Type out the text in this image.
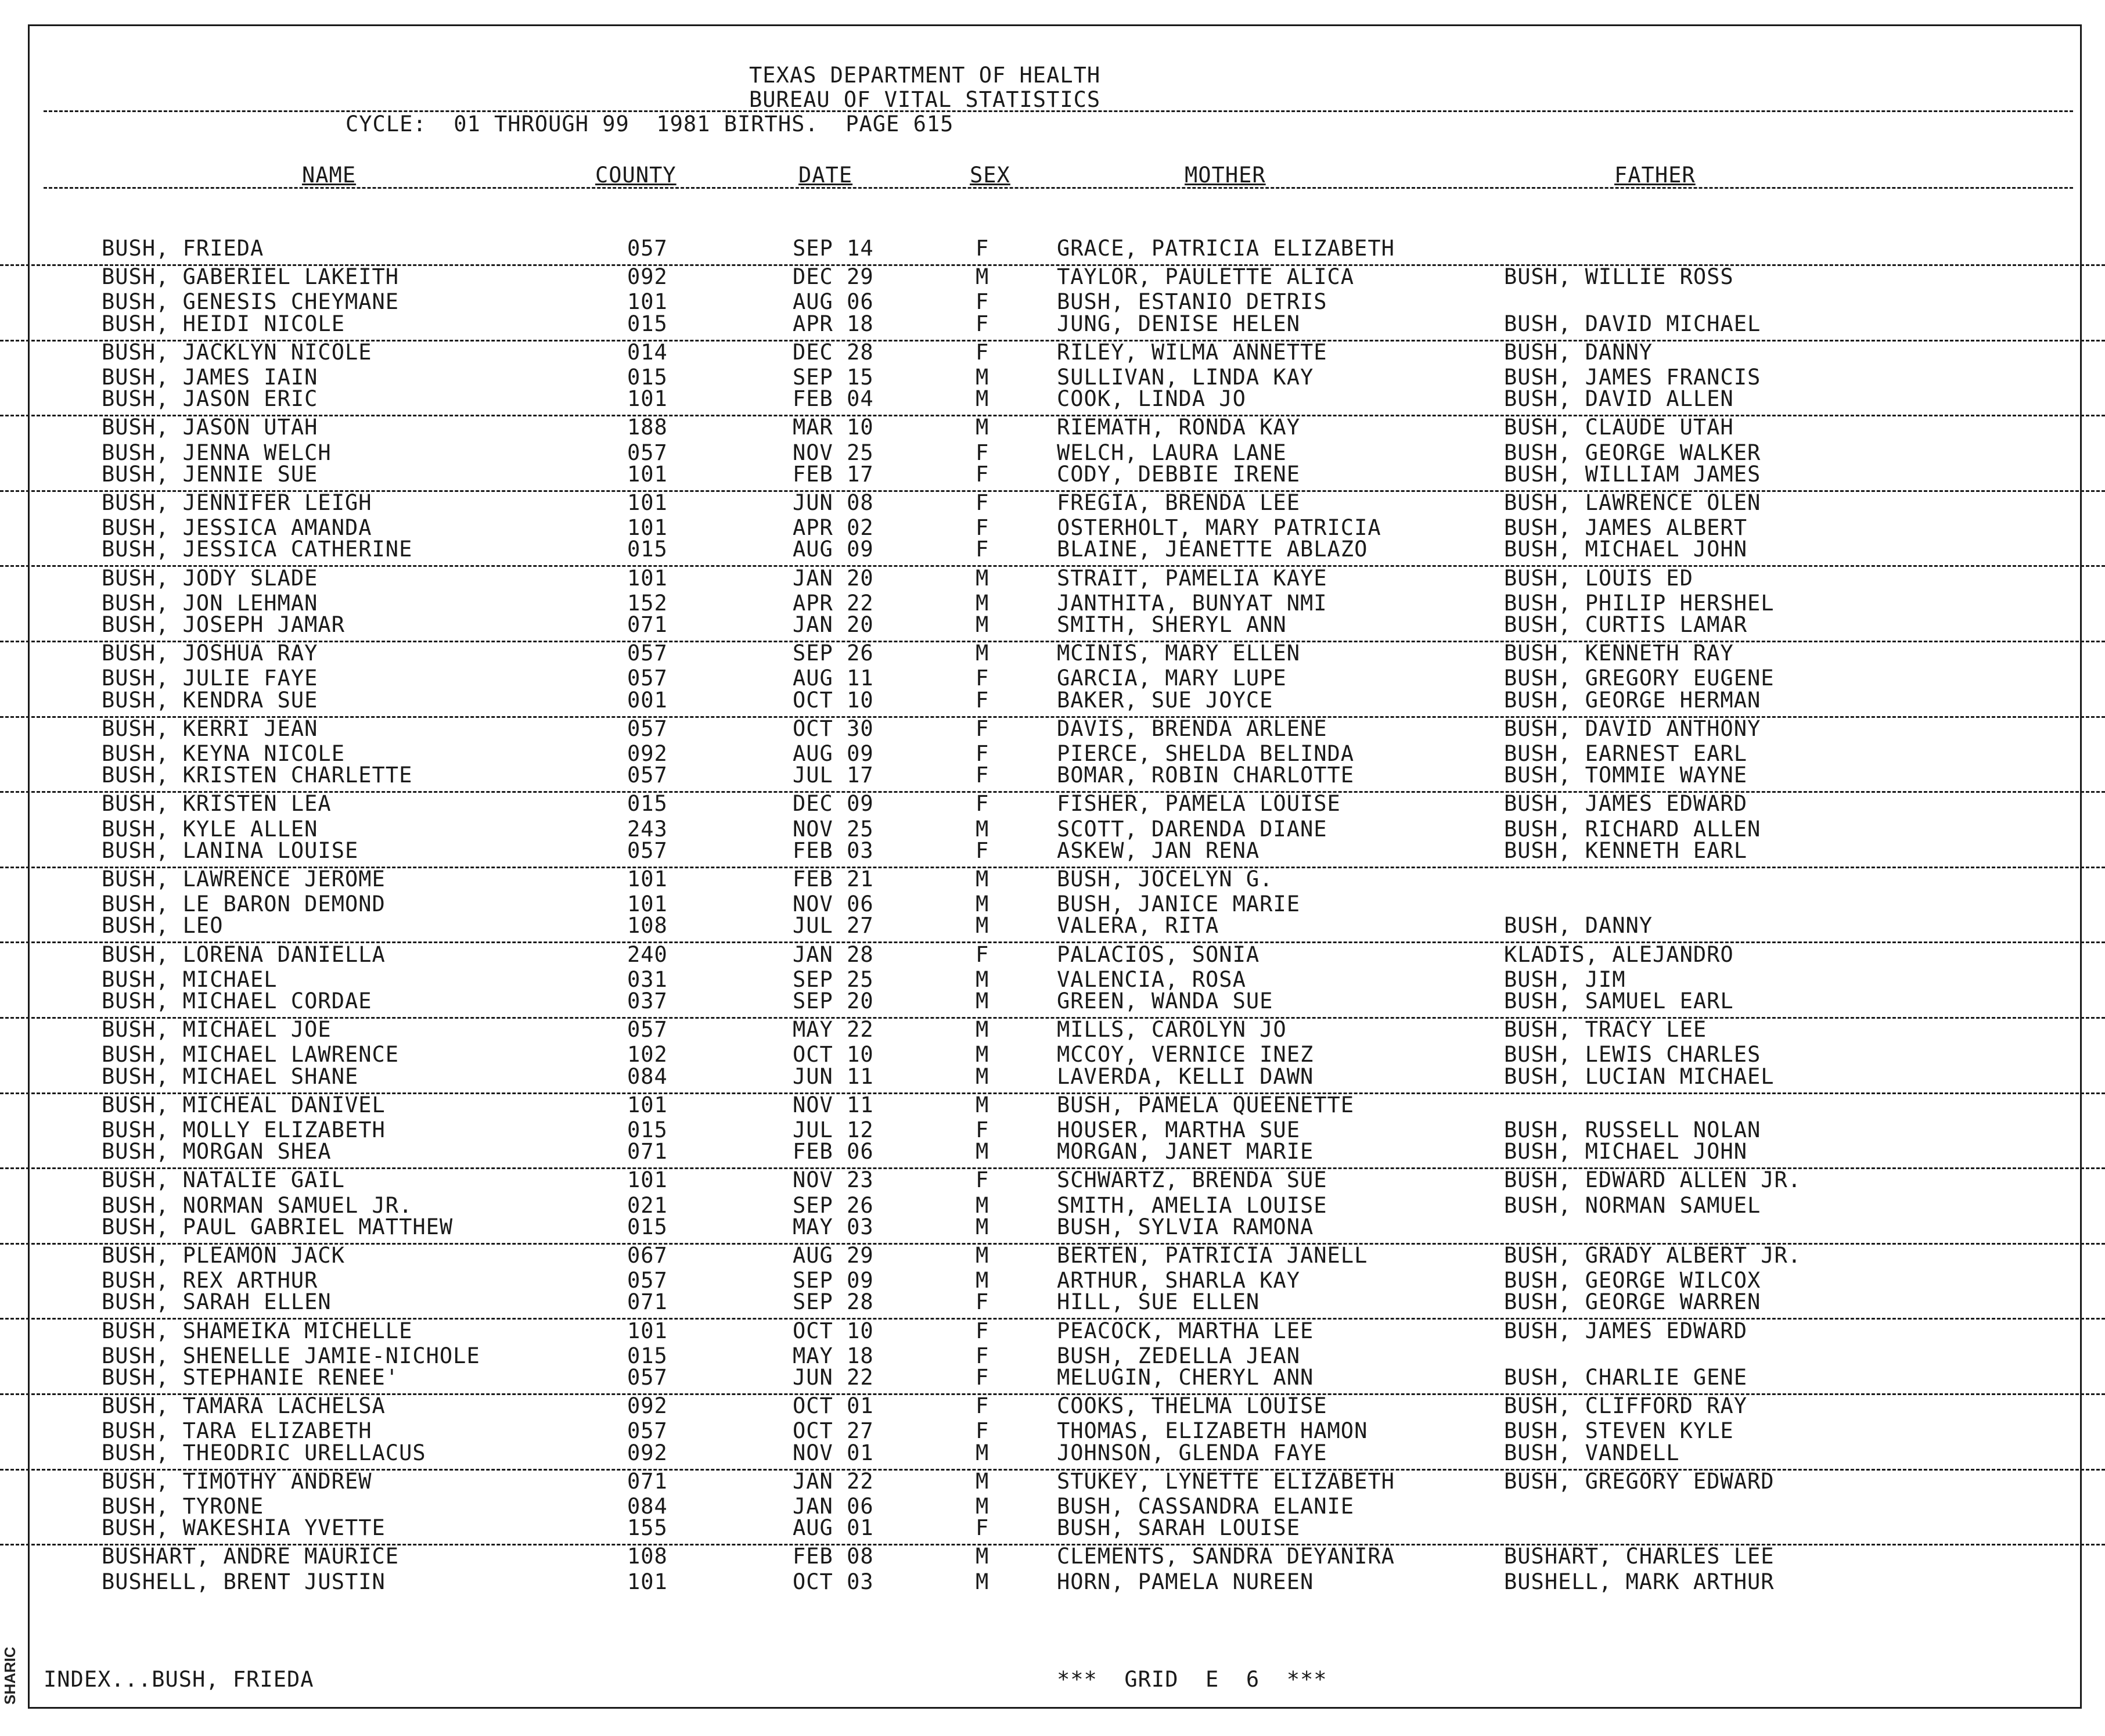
SHARIC
TEXAS DEPARTMENT OF HEALTH
BUREAU OF VITAL STATISTICS
CYCLE:  01 THROUGH 99  1981 BIRTHS.  PAGE 615
NAME	COUNTY	DATE	SEX	MOTHER	FATHER
BUSH, FRIEDA	057	SEP 14	F	GRACE, PATRICIA ELIZABETH
BUSH, GABERIEL LAKEITH	092	DEC 29	M	TAYLOR, PAULETTE ALICA	BUSH, WILLIE ROSS
BUSH, GENESIS CHEYMANE	101	AUG 06	F	BUSH, ESTANIO DETRIS
BUSH, HEIDI NICOLE	015	APR 18	F	JUNG, DENISE HELEN	BUSH, DAVID MICHAEL
BUSH, JACKLYN NICOLE	014	DEC 28	F	RILEY, WILMA ANNETTE	BUSH, DANNY
BUSH, JAMES IAIN	015	SEP 15	M	SULLIVAN, LINDA KAY	BUSH, JAMES FRANCIS
BUSH, JASON ERIC	101	FEB 04	M	COOK, LINDA JO	BUSH, DAVID ALLEN
BUSH, JASON UTAH	188	MAR 10	M	RIEMATH, RONDA KAY	BUSH, CLAUDE UTAH
BUSH, JENNA WELCH	057	NOV 25	F	WELCH, LAURA LANE	BUSH, GEORGE WALKER
BUSH, JENNIE SUE	101	FEB 17	F	CODY, DEBBIE IRENE	BUSH, WILLIAM JAMES
BUSH, JENNIFER LEIGH	101	JUN 08	F	FREGIA, BRENDA LEE	BUSH, LAWRENCE OLEN
BUSH, JESSICA AMANDA	101	APR 02	F	OSTERHOLT, MARY PATRICIA	BUSH, JAMES ALBERT
BUSH, JESSICA CATHERINE	015	AUG 09	F	BLAINE, JEANETTE ABLAZO	BUSH, MICHAEL JOHN
BUSH, JODY SLADE	101	JAN 20	M	STRAIT, PAMELIA KAYE	BUSH, LOUIS ED
BUSH, JON LEHMAN	152	APR 22	M	JANTHITA, BUNYAT NMI	BUSH, PHILIP HERSHEL
BUSH, JOSEPH JAMAR	071	JAN 20	M	SMITH, SHERYL ANN	BUSH, CURTIS LAMAR
BUSH, JOSHUA RAY	057	SEP 26	M	MCINIS, MARY ELLEN	BUSH, KENNETH RAY
BUSH, JULIE FAYE	057	AUG 11	F	GARCIA, MARY LUPE	BUSH, GREGORY EUGENE
BUSH, KENDRA SUE	001	OCT 10	F	BAKER, SUE JOYCE	BUSH, GEORGE HERMAN
BUSH, KERRI JEAN	057	OCT 30	F	DAVIS, BRENDA ARLENE	BUSH, DAVID ANTHONY
BUSH, KEYNA NICOLE	092	AUG 09	F	PIERCE, SHELDA BELINDA	BUSH, EARNEST EARL
BUSH, KRISTEN CHARLETTE	057	JUL 17	F	BOMAR, ROBIN CHARLOTTE	BUSH, TOMMIE WAYNE
BUSH, KRISTEN LEA	015	DEC 09	F	FISHER, PAMELA LOUISE	BUSH, JAMES EDWARD
BUSH, KYLE ALLEN	243	NOV 25	M	SCOTT, DARENDA DIANE	BUSH, RICHARD ALLEN
BUSH, LANINA LOUISE	057	FEB 03	F	ASKEW, JAN RENA	BUSH, KENNETH EARL
BUSH, LAWRENCE JEROME	101	FEB 21	M	BUSH, JOCELYN G.
BUSH, LE BARON DEMOND	101	NOV 06	M	BUSH, JANICE MARIE
BUSH, LEO	108	JUL 27	M	VALERA, RITA	BUSH, DANNY
BUSH, LORENA DANIELLA	240	JAN 28	F	PALACIOS, SONIA	KLADIS, ALEJANDRO
BUSH, MICHAEL	031	SEP 25	M	VALENCIA, ROSA	BUSH, JIM
BUSH, MICHAEL CORDAE	037	SEP 20	M	GREEN, WANDA SUE	BUSH, SAMUEL EARL
BUSH, MICHAEL JOE	057	MAY 22	M	MILLS, CAROLYN JO	BUSH, TRACY LEE
BUSH, MICHAEL LAWRENCE	102	OCT 10	M	MCCOY, VERNICE INEZ	BUSH, LEWIS CHARLES
BUSH, MICHAEL SHANE	084	JUN 11	M	LAVERDA, KELLI DAWN	BUSH, LUCIAN MICHAEL
BUSH, MICHEAL DANIVEL	101	NOV 11	M	BUSH, PAMELA QUEENETTE
BUSH, MOLLY ELIZABETH	015	JUL 12	F	HOUSER, MARTHA SUE	BUSH, RUSSELL NOLAN
BUSH, MORGAN SHEA	071	FEB 06	M	MORGAN, JANET MARIE	BUSH, MICHAEL JOHN
BUSH, NATALIE GAIL	101	NOV 23	F	SCHWARTZ, BRENDA SUE	BUSH, EDWARD ALLEN JR.
BUSH, NORMAN SAMUEL JR.	021	SEP 26	M	SMITH, AMELIA LOUISE	BUSH, NORMAN SAMUEL
BUSH, PAUL GABRIEL MATTHEW	015	MAY 03	M	BUSH, SYLVIA RAMONA
BUSH, PLEAMON JACK	067	AUG 29	M	BERTEN, PATRICIA JANELL	BUSH, GRADY ALBERT JR.
BUSH, REX ARTHUR	057	SEP 09	M	ARTHUR, SHARLA KAY	BUSH, GEORGE WILCOX
BUSH, SARAH ELLEN	071	SEP 28	F	HILL, SUE ELLEN	BUSH, GEORGE WARREN
BUSH, SHAMEIKA MICHELLE	101	OCT 10	F	PEACOCK, MARTHA LEE	BUSH, JAMES EDWARD
BUSH, SHENELLE JAMIE-NICHOLE	015	MAY 18	F	BUSH, ZEDELLA JEAN
BUSH, STEPHANIE RENEE'	057	JUN 22	F	MELUGIN, CHERYL ANN	BUSH, CHARLIE GENE
BUSH, TAMARA LACHELSA	092	OCT 01	F	COOKS, THELMA LOUISE	BUSH, CLIFFORD RAY
BUSH, TARA ELIZABETH	057	OCT 27	F	THOMAS, ELIZABETH HAMON	BUSH, STEVEN KYLE
BUSH, THEODRIC URELLACUS	092	NOV 01	M	JOHNSON, GLENDA FAYE	BUSH, VANDELL
BUSH, TIMOTHY ANDREW	071	JAN 22	M	STUKEY, LYNETTE ELIZABETH	BUSH, GREGORY EDWARD
BUSH, TYRONE	084	JAN 06	M	BUSH, CASSANDRA ELANIE
BUSH, WAKESHIA YVETTE	155	AUG 01	F	BUSH, SARAH LOUISE
BUSHART, ANDRE MAURICE	108	FEB 08	M	CLEMENTS, SANDRA DEYANIRA	BUSHART, CHARLES LEE
BUSHELL, BRENT JUSTIN	101	OCT 03	M	HORN, PAMELA NUREEN	BUSHELL, MARK ARTHUR
INDEX...BUSH, FRIEDA	***  GRID  E  6  ***
